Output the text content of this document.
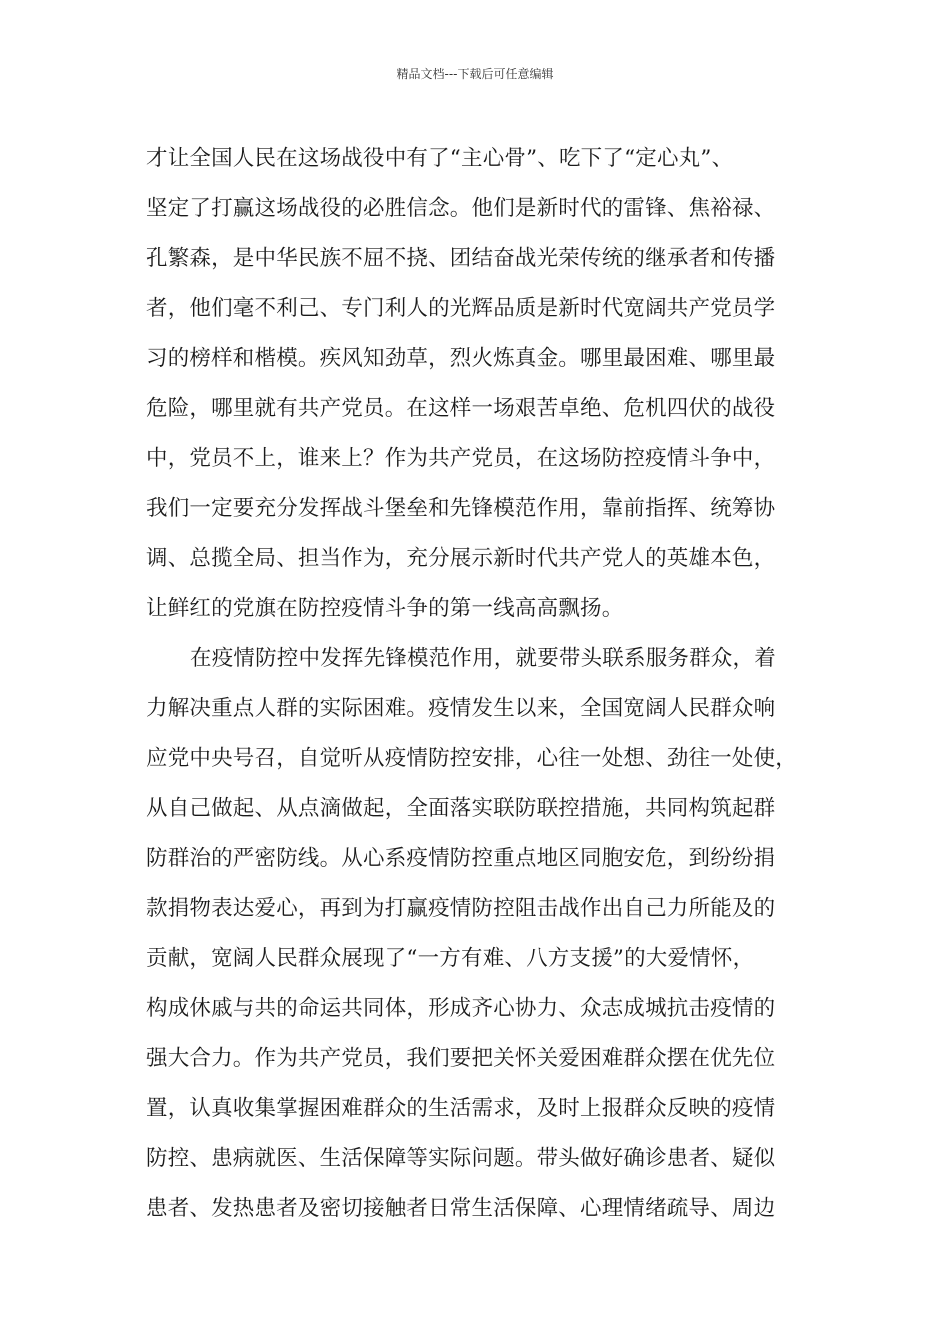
精品文档---下载后可任意编辑
才让全国人民在这场战役中有了“主心骨”、吃下了“定心丸”、
坚定了打赢这场战役的必胜信念。他们是新时代的雷锋、焦裕禄、
孔繁森，是中华民族不屈不挠、团结奋战光荣传统的继承者和传播
者，他们毫不利己、专门利人的光辉品质是新时代宽阔共产党员学
习的榜样和楷模。疾风知劲草，烈火炼真金。哪里最困难、哪里最
危险，哪里就有共产党员。在这样一场艰苦卓绝、危机四伏的战役
中，党员不上，谁来上？作为共产党员，在这场防控疫情斗争中，
我们一定要充分发挥战斗堡垒和先锋模范作用，靠前指挥、统筹协
调、总揽全局、担当作为，充分展示新时代共产党人的英雄本色，
让鲜红的党旗在防控疫情斗争的第一线高高飘扬。
在疫情防控中发挥先锋模范作用，就要带头联系服务群众，着
力解决重点人群的实际困难。疫情发生以来，全国宽阔人民群众响
应党中央号召，自觉听从疫情防控安排，心往一处想、劲往一处使，
从自己做起、从点滴做起，全面落实联防联控措施，共同构筑起群
防群治的严密防线。从心系疫情防控重点地区同胞安危，到纷纷捐
款捐物表达爱心，再到为打赢疫情防控阻击战作出自己力所能及的
贡献，宽阔人民群众展现了“一方有难、八方支援”的大爱情怀，
构成休戚与共的命运共同体，形成齐心协力、众志成城抗击疫情的
强大合力。作为共产党员，我们要把关怀关爱困难群众摆在优先位
置，认真收集掌握困难群众的生活需求，及时上报群众反映的疫情
防控、患病就医、生活保障等实际问题。带头做好确诊患者、疑似
患者、发热患者及密切接触者日常生活保障、心理情绪疏导、周边
